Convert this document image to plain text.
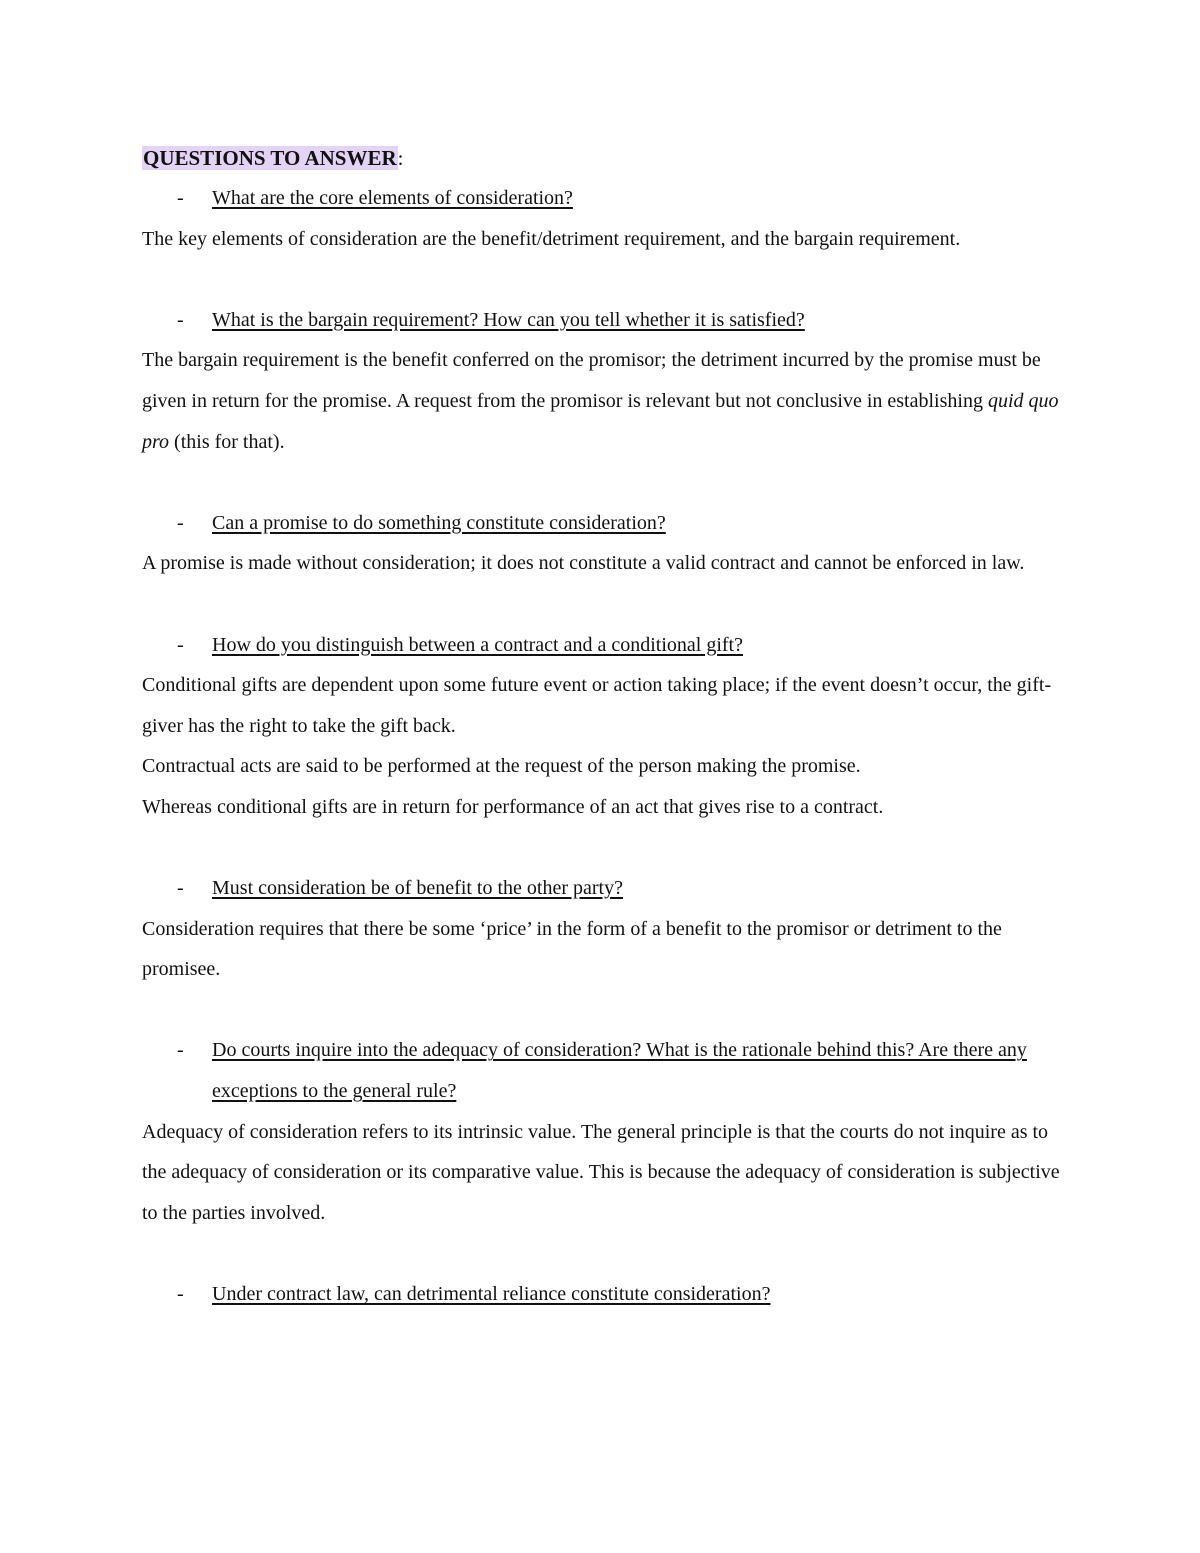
QUESTIONS TO ANSWER:
- What are the core elements of consideration?
The key elements of consideration are the benefit/detriment requirement, and the bargain requirement.
- What is the bargain requirement? How can you tell whether it is satisfied?
The bargain requirement is the benefit conferred on the promisor; the detriment incurred by the promise must be given in return for the promise. A request from the promisor is relevant but not conclusive in establishing quid quo pro (this for that).
- Can a promise to do something constitute consideration?
A promise is made without consideration; it does not constitute a valid contract and cannot be enforced in law.
- How do you distinguish between a contract and a conditional gift?
Conditional gifts are dependent upon some future event or action taking place; if the event doesn’t occur, the gift-giver has the right to take the gift back.
Contractual acts are said to be performed at the request of the person making the promise.
Whereas conditional gifts are in return for performance of an act that gives rise to a contract.
- Must consideration be of benefit to the other party?
Consideration requires that there be some ‘price’ in the form of a benefit to the promisor or detriment to the promisee.
- Do courts inquire into the adequacy of consideration? What is the rationale behind this? Are there any exceptions to the general rule?
Adequacy of consideration refers to its intrinsic value. The general principle is that the courts do not inquire as to the adequacy of consideration or its comparative value. This is because the adequacy of consideration is subjective to the parties involved.
- Under contract law, can detrimental reliance constitute consideration?
